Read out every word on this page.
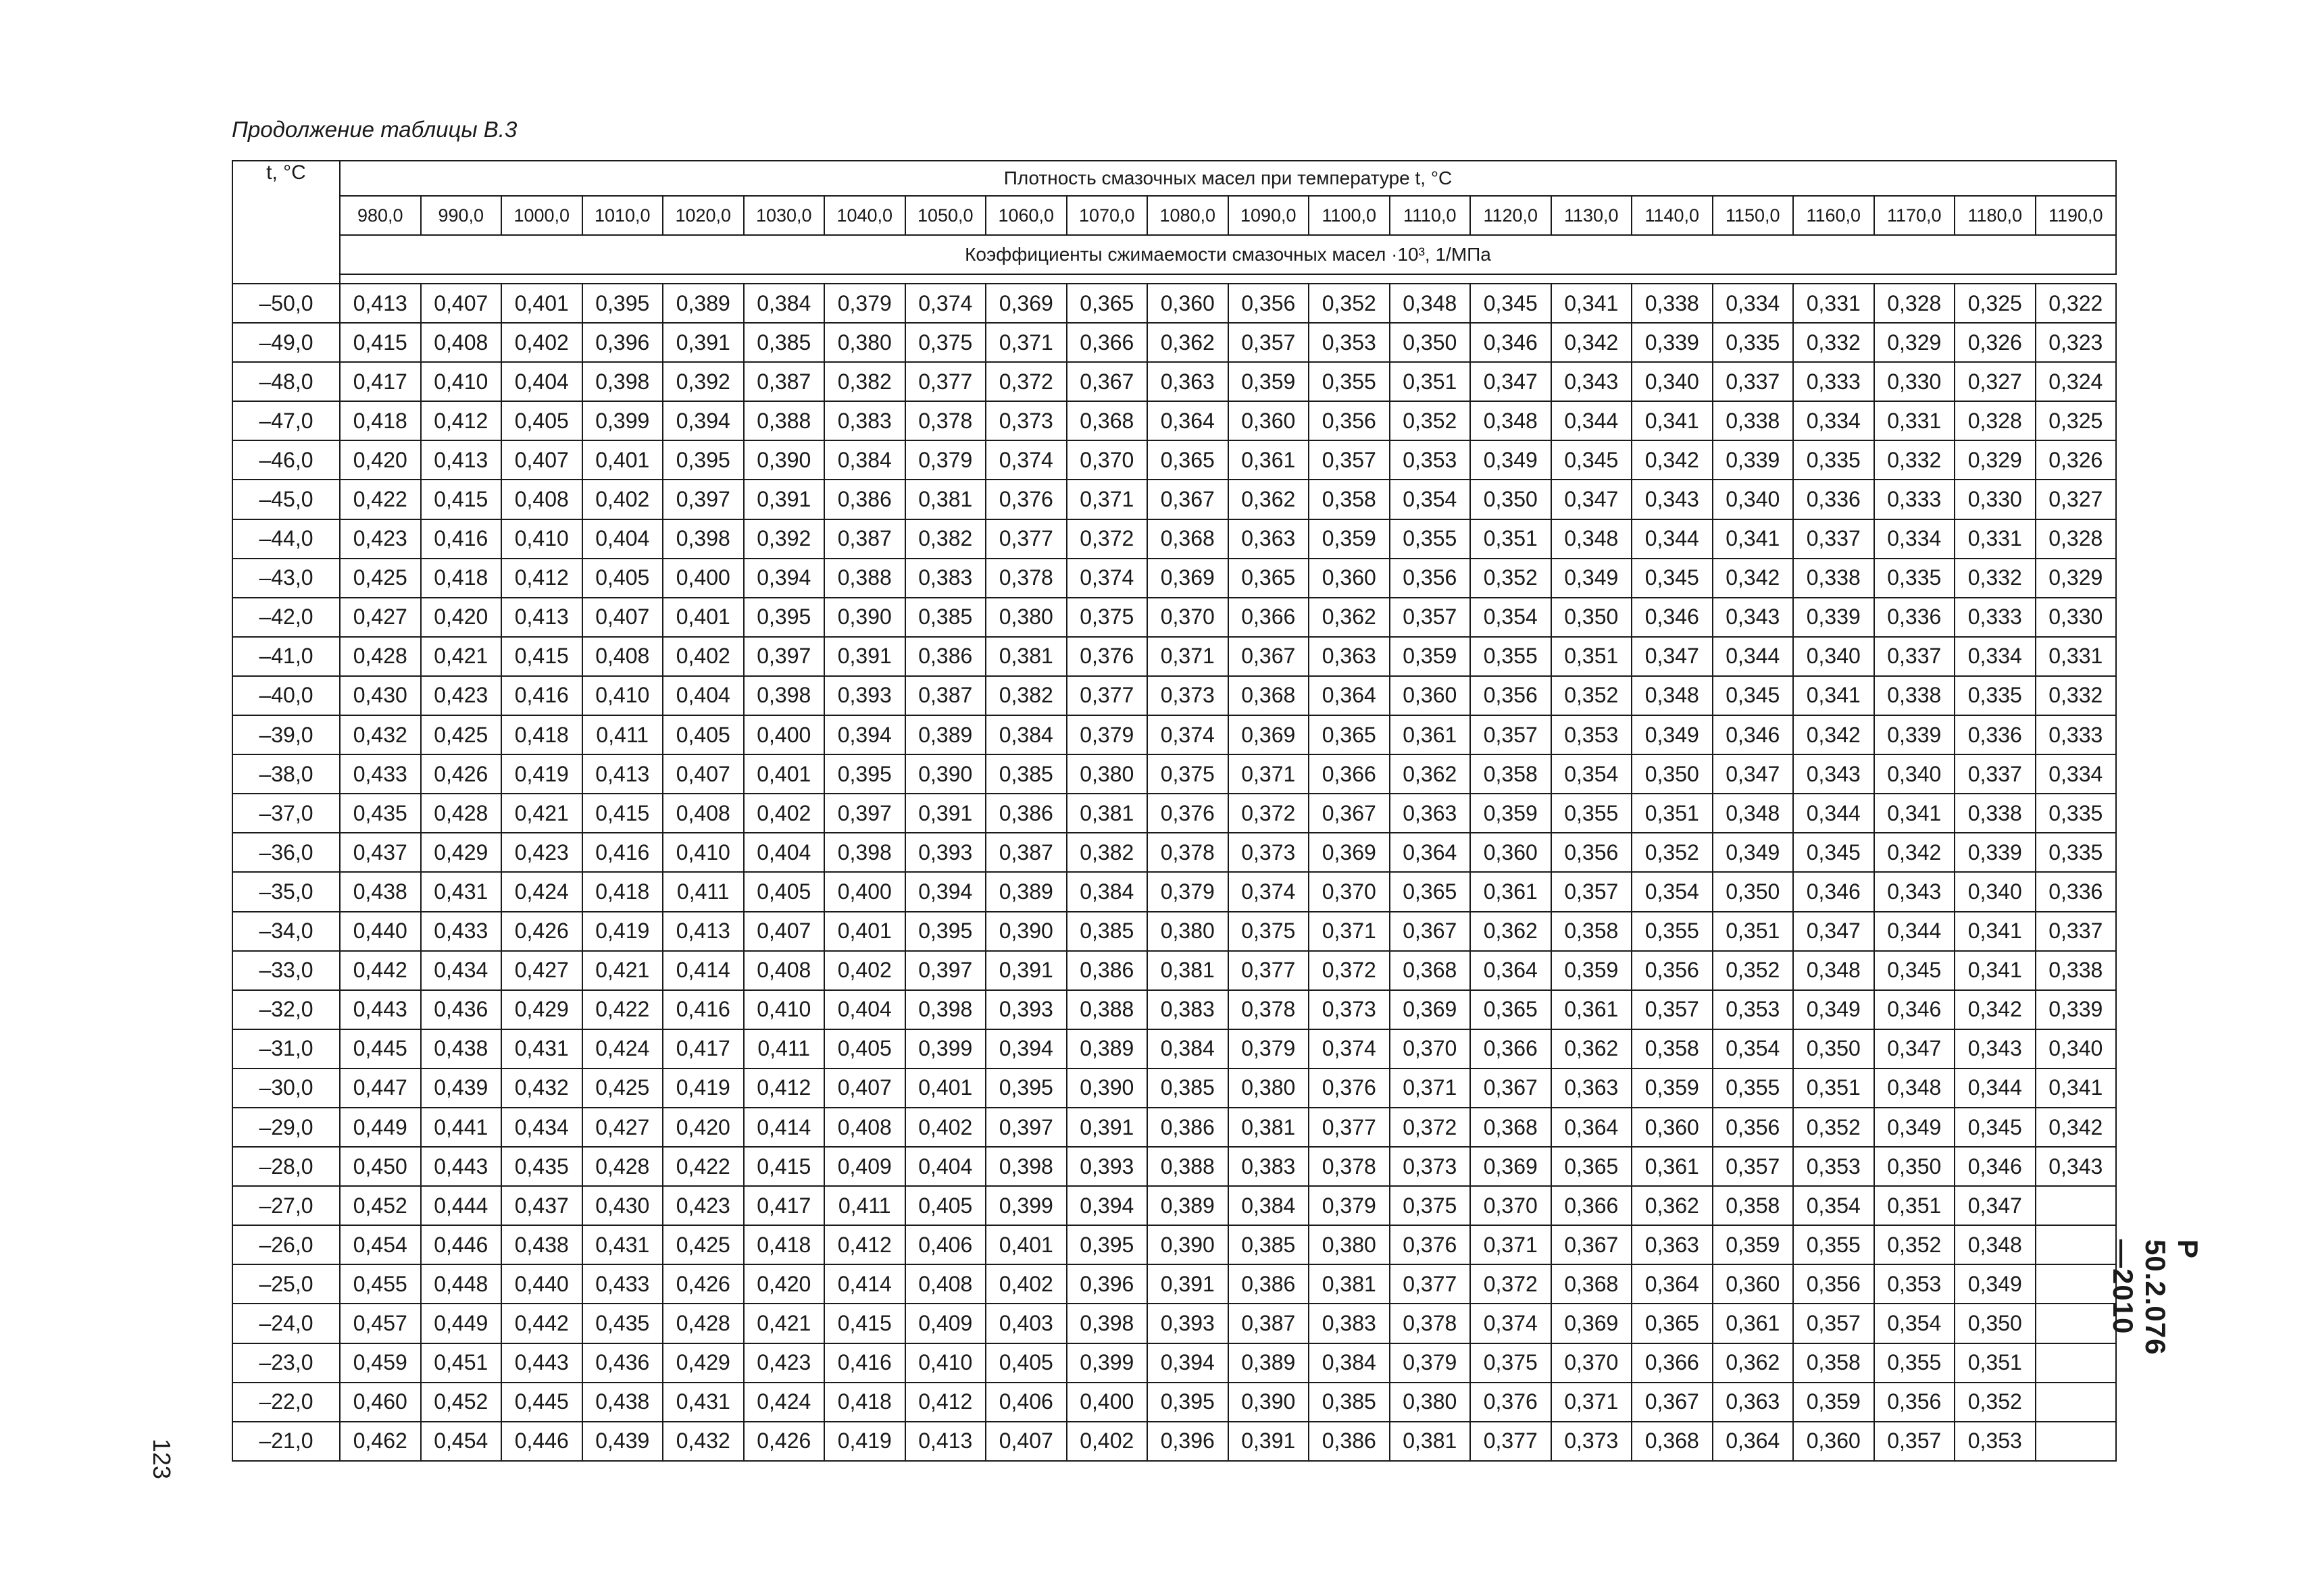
Продолжение таблицы В.3
t, °С	Плотность смазочных масел при температуре t, °С																					
	980,0	990,0	1000,0	1010,0	1020,0	1030,0	1040,0	1050,0	1060,0	1070,0	1080,0	1090,0	1100,0	1110,0	1120,0	1130,0	1140,0	1150,0	1160,0	1170,0	1180,0	1190,0
	Коэффициенты сжимаемости смазочных масел ·10³, 1/МПа																					

–50,0	0,413	0,407	0,401	0,395	0,389	0,384	0,379	0,374	0,369	0,365	0,360	0,356	0,352	0,348	0,345	0,341	0,338	0,334	0,331	0,328	0,325	0,322
–49,0	0,415	0,408	0,402	0,396	0,391	0,385	0,380	0,375	0,371	0,366	0,362	0,357	0,353	0,350	0,346	0,342	0,339	0,335	0,332	0,329	0,326	0,323
–48,0	0,417	0,410	0,404	0,398	0,392	0,387	0,382	0,377	0,372	0,367	0,363	0,359	0,355	0,351	0,347	0,343	0,340	0,337	0,333	0,330	0,327	0,324
–47,0	0,418	0,412	0,405	0,399	0,394	0,388	0,383	0,378	0,373	0,368	0,364	0,360	0,356	0,352	0,348	0,344	0,341	0,338	0,334	0,331	0,328	0,325
–46,0	0,420	0,413	0,407	0,401	0,395	0,390	0,384	0,379	0,374	0,370	0,365	0,361	0,357	0,353	0,349	0,345	0,342	0,339	0,335	0,332	0,329	0,326
–45,0	0,422	0,415	0,408	0,402	0,397	0,391	0,386	0,381	0,376	0,371	0,367	0,362	0,358	0,354	0,350	0,347	0,343	0,340	0,336	0,333	0,330	0,327
–44,0	0,423	0,416	0,410	0,404	0,398	0,392	0,387	0,382	0,377	0,372	0,368	0,363	0,359	0,355	0,351	0,348	0,344	0,341	0,337	0,334	0,331	0,328
–43,0	0,425	0,418	0,412	0,405	0,400	0,394	0,388	0,383	0,378	0,374	0,369	0,365	0,360	0,356	0,352	0,349	0,345	0,342	0,338	0,335	0,332	0,329
–42,0	0,427	0,420	0,413	0,407	0,401	0,395	0,390	0,385	0,380	0,375	0,370	0,366	0,362	0,357	0,354	0,350	0,346	0,343	0,339	0,336	0,333	0,330
–41,0	0,428	0,421	0,415	0,408	0,402	0,397	0,391	0,386	0,381	0,376	0,371	0,367	0,363	0,359	0,355	0,351	0,347	0,344	0,340	0,337	0,334	0,331
–40,0	0,430	0,423	0,416	0,410	0,404	0,398	0,393	0,387	0,382	0,377	0,373	0,368	0,364	0,360	0,356	0,352	0,348	0,345	0,341	0,338	0,335	0,332
–39,0	0,432	0,425	0,418	0,411	0,405	0,400	0,394	0,389	0,384	0,379	0,374	0,369	0,365	0,361	0,357	0,353	0,349	0,346	0,342	0,339	0,336	0,333
–38,0	0,433	0,426	0,419	0,413	0,407	0,401	0,395	0,390	0,385	0,380	0,375	0,371	0,366	0,362	0,358	0,354	0,350	0,347	0,343	0,340	0,337	0,334
–37,0	0,435	0,428	0,421	0,415	0,408	0,402	0,397	0,391	0,386	0,381	0,376	0,372	0,367	0,363	0,359	0,355	0,351	0,348	0,344	0,341	0,338	0,335
–36,0	0,437	0,429	0,423	0,416	0,410	0,404	0,398	0,393	0,387	0,382	0,378	0,373	0,369	0,364	0,360	0,356	0,352	0,349	0,345	0,342	0,339	0,335
–35,0	0,438	0,431	0,424	0,418	0,411	0,405	0,400	0,394	0,389	0,384	0,379	0,374	0,370	0,365	0,361	0,357	0,354	0,350	0,346	0,343	0,340	0,336
–34,0	0,440	0,433	0,426	0,419	0,413	0,407	0,401	0,395	0,390	0,385	0,380	0,375	0,371	0,367	0,362	0,358	0,355	0,351	0,347	0,344	0,341	0,337
–33,0	0,442	0,434	0,427	0,421	0,414	0,408	0,402	0,397	0,391	0,386	0,381	0,377	0,372	0,368	0,364	0,359	0,356	0,352	0,348	0,345	0,341	0,338
–32,0	0,443	0,436	0,429	0,422	0,416	0,410	0,404	0,398	0,393	0,388	0,383	0,378	0,373	0,369	0,365	0,361	0,357	0,353	0,349	0,346	0,342	0,339
–31,0	0,445	0,438	0,431	0,424	0,417	0,411	0,405	0,399	0,394	0,389	0,384	0,379	0,374	0,370	0,366	0,362	0,358	0,354	0,350	0,347	0,343	0,340
–30,0	0,447	0,439	0,432	0,425	0,419	0,412	0,407	0,401	0,395	0,390	0,385	0,380	0,376	0,371	0,367	0,363	0,359	0,355	0,351	0,348	0,344	0,341
–29,0	0,449	0,441	0,434	0,427	0,420	0,414	0,408	0,402	0,397	0,391	0,386	0,381	0,377	0,372	0,368	0,364	0,360	0,356	0,352	0,349	0,345	0,342
–28,0	0,450	0,443	0,435	0,428	0,422	0,415	0,409	0,404	0,398	0,393	0,388	0,383	0,378	0,373	0,369	0,365	0,361	0,357	0,353	0,350	0,346	0,343
–27,0	0,452	0,444	0,437	0,430	0,423	0,417	0,411	0,405	0,399	0,394	0,389	0,384	0,379	0,375	0,370	0,366	0,362	0,358	0,354	0,351	0,347	
–26,0	0,454	0,446	0,438	0,431	0,425	0,418	0,412	0,406	0,401	0,395	0,390	0,385	0,380	0,376	0,371	0,367	0,363	0,359	0,355	0,352	0,348	
–25,0	0,455	0,448	0,440	0,433	0,426	0,420	0,414	0,408	0,402	0,396	0,391	0,386	0,381	0,377	0,372	0,368	0,364	0,360	0,356	0,353	0,349	
–24,0	0,457	0,449	0,442	0,435	0,428	0,421	0,415	0,409	0,403	0,398	0,393	0,387	0,383	0,378	0,374	0,369	0,365	0,361	0,357	0,354	0,350	
–23,0	0,459	0,451	0,443	0,436	0,429	0,423	0,416	0,410	0,405	0,399	0,394	0,389	0,384	0,379	0,375	0,370	0,366	0,362	0,358	0,355	0,351	
–22,0	0,460	0,452	0,445	0,438	0,431	0,424	0,418	0,412	0,406	0,400	0,395	0,390	0,385	0,380	0,376	0,371	0,367	0,363	0,359	0,356	0,352	
–21,0	0,462	0,454	0,446	0,439	0,432	0,426	0,419	0,413	0,407	0,402	0,396	0,391	0,386	0,381	0,377	0,373	0,368	0,364	0,360	0,357	0,353	
123
Р 50.2.076—2010
